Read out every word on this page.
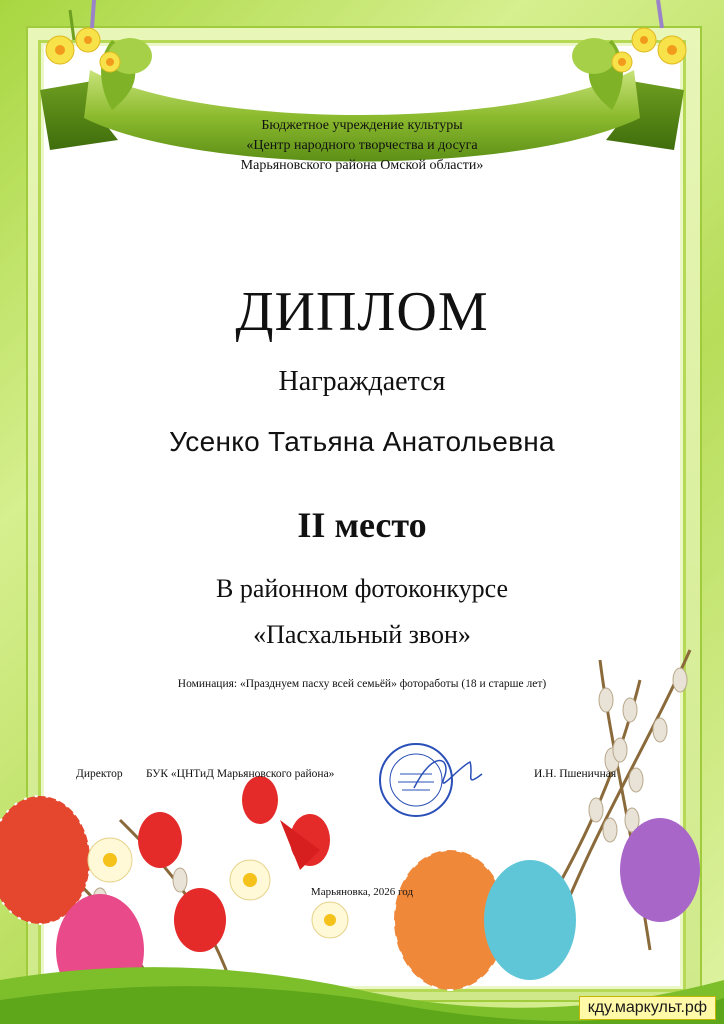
Бюджетное учреждение культуры
«Центр народного творчества и досуга
Марьяновского района Омской области»
ДИПЛОМ
Награждается
Усенко Татьяна Анатольевна
II место
В районном фотоконкурсе
«Пасхальный звон»
Номинация: «Празднуем пасху всей семьёй» фоторaботы (18 и старше лет)
Директор БУК «ЦНТиД Марьяновского района»	И.Н. Пшеничная
Марьяновка, 2026 год
кду.маркульт.рф
